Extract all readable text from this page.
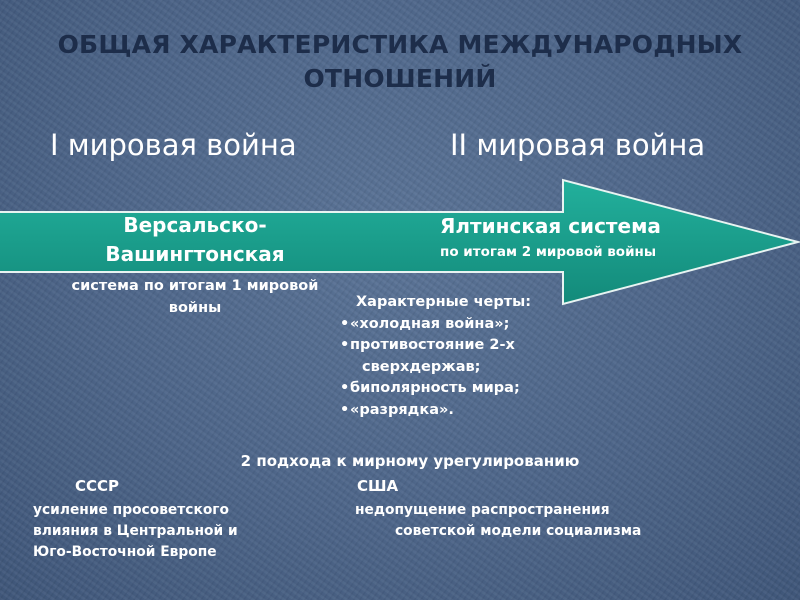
ОБЩАЯ ХАРАКТЕРИСТИКА МЕЖДУНАРОДНЫХ
ОТНОШЕНИЙ
I мировая война	II мировая война
Версальско-
Вашингтонская
система по итогам 1 мировой
войны
Ялтинская система
по итогам 2 мировой войны
Характерные черты:
• «холодная война»;
• противостояние 2-х
сверхдержав;
• биполярность мира;
• «разрядка».
2 подхода к мирному урегулированию
СССР	США
усиление просоветского
влияния в Центральной и
Юго-Восточной Европе
недопущение распространения
советской модели социализма
